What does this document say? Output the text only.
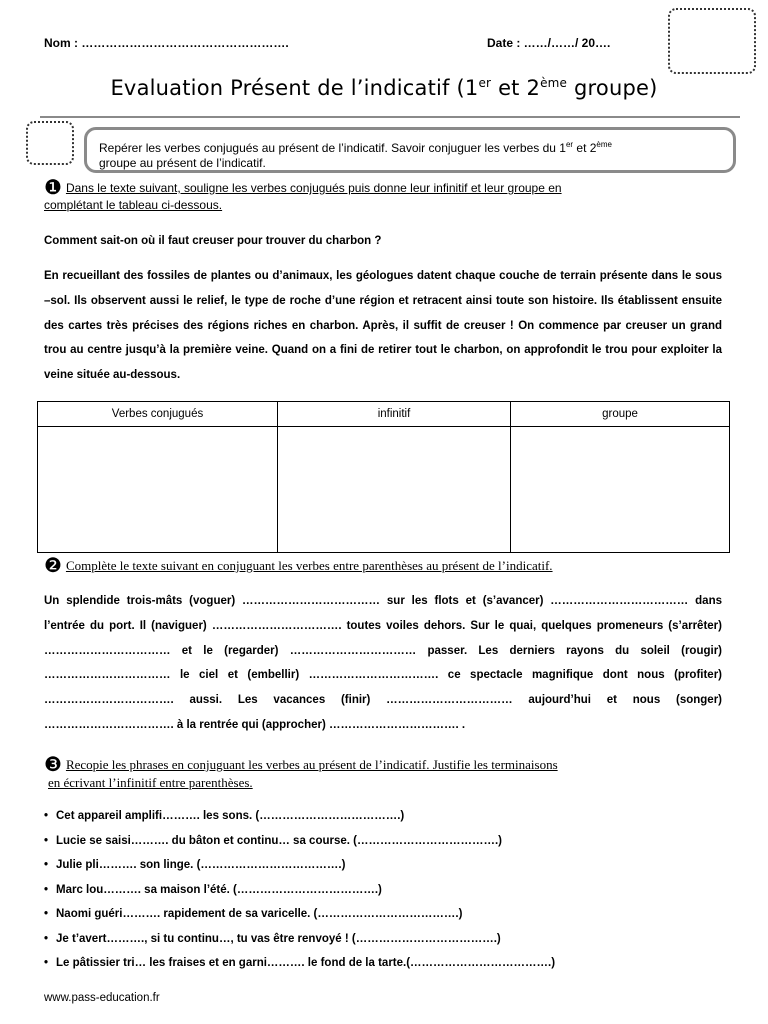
Nom : …………………………………………….	Date : ……/……/ 20….
Evaluation Présent de l’indicatif (1er et 2ème groupe)
Repérer les verbes conjugués au présent de l’indicatif. Savoir conjuguer les verbes du 1er et 2ème
groupe au présent de l’indicatif.
❶ Dans le texte suivant, souligne les verbes conjugués puis donne leur infinitif et leur groupe en
complétant le tableau ci-dessous.
Comment sait-on où il faut creuser pour trouver du charbon ?
En recueillant des fossiles de plantes ou d’animaux, les géologues datent chaque couche de terrain présente dans le sous –sol. Ils observent aussi le relief, le type de roche d’une région et retracent ainsi toute son histoire. Ils établissent ensuite des cartes très précises des régions riches en charbon. Après, il suffit de creuser ! On commence par creuser un grand trou au centre jusqu’à la première veine. Quand on a fini de retirer tout le charbon, on approfondit le trou pour exploiter la veine située au-dessous.
Verbes conjugués	infinitif	groupe

❷ Complète le texte suivant en conjuguant les verbes entre parenthèses au présent de l’indicatif.
Un splendide trois-mâts (voguer) ……………………………… sur les flots et (s’avancer) ……………………………… dans l’entrée du port. Il (naviguer) ……………………………. toutes voiles dehors. Sur le quai, quelques promeneurs (s’arrêter) …………………………… et le (regarder) …………………………… passer. Les derniers rayons du soleil (rougir) …………………………… le ciel et (embellir) ……………………………. ce spectacle magnifique dont nous (profiter) ……………………………. aussi. Les vacances (finir) …………………………… aujourd’hui et nous (songer) ……………………………. à la rentrée qui (approcher) ……………………………. .
❸ Recopie les phrases en conjuguant les verbes au présent de l’indicatif. Justifie les terminaisons
en écrivant l’infinitif entre parenthèses.
• Cet appareil amplifi………. les sons. (……………………………….)
• Lucie se saisi………. du bâton et continu… sa course. (……………………………….)
• Julie pli………. son linge. (……………………………….)
• Marc lou………. sa maison l’été. (……………………………….)
• Naomi guéri………. rapidement de sa varicelle. (……………………………….)
• Je t’avert………., si tu continu…, tu vas être renvoyé ! (……………………………….)
• Le pâtissier tri… les fraises et en garni………. le fond de la tarte.(……………………………….)
www.pass-education.fr
